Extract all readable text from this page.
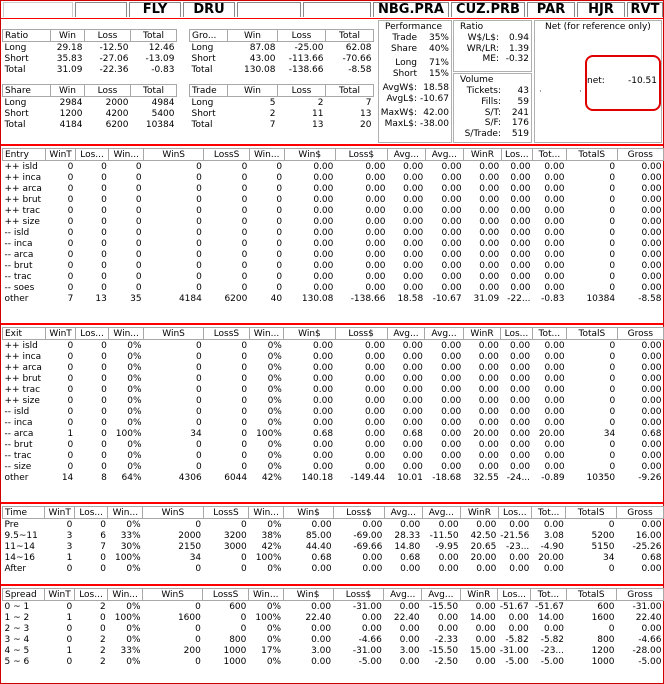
FLY	DRU	NBG.PRA CUZ.PRB	PAR	HJR	RVT
Ratio	Win	Loss	Total
Long	29.18	-12.50	12.46
Short	35.83	-27.06	-13.09
Total	31.09	-22.36	-0.83
Gro...	Win	Loss	Total
Long	87.08	-25.00	62.08
Short	43.00	-113.66	-70.66
Total	130.08	-138.66	-8.58
Share	Win	Loss	Total
Long	2984	2000	4984
Short	1200	4200	5400
Total	4184	6200	10384
Trade	Win	Loss	Total
Long	5	2	7
Short	2	11	13
Total	7	13	20
Performance
Trade 35%
Share 40%
Long 71%
Short 15%
AvgW$: 18.58
AvgL$: -10.67
MaxW$: 42.00
MaxL$: -38.00
Ratio
W$/L$: 0.94
WR/LR: 1.39
ME: -0.32
Volume
Tickets: 43
Fills: 59
S/T: 241
S/F: 176
S/Trade: 519
Net (for reference only)
·	·
net:	-10.51
Entry	WinT	Los...	Win...	WinS	LossS	Win...	Win$	Loss$	Avg...	Avg...	WinR	Los...	Tot...	TotalS	Gross
++ isld	0	0	0	0	0	0	0.00	0.00	0.00	0.00	0.00	0.00	0.00	0	0.00
++ inca	0	0	0	0	0	0	0.00	0.00	0.00	0.00	0.00	0.00	0.00	0	0.00
++ arca	0	0	0	0	0	0	0.00	0.00	0.00	0.00	0.00	0.00	0.00	0	0.00
++ brut	0	0	0	0	0	0	0.00	0.00	0.00	0.00	0.00	0.00	0.00	0	0.00
++ trac	0	0	0	0	0	0	0.00	0.00	0.00	0.00	0.00	0.00	0.00	0	0.00
++ size	0	0	0	0	0	0	0.00	0.00	0.00	0.00	0.00	0.00	0.00	0	0.00
-- isld	0	0	0	0	0	0	0.00	0.00	0.00	0.00	0.00	0.00	0.00	0	0.00
-- inca	0	0	0	0	0	0	0.00	0.00	0.00	0.00	0.00	0.00	0.00	0	0.00
-- arca	0	0	0	0	0	0	0.00	0.00	0.00	0.00	0.00	0.00	0.00	0	0.00
-- brut	0	0	0	0	0	0	0.00	0.00	0.00	0.00	0.00	0.00	0.00	0	0.00
-- trac	0	0	0	0	0	0	0.00	0.00	0.00	0.00	0.00	0.00	0.00	0	0.00
-- soes	0	0	0	0	0	0	0.00	0.00	0.00	0.00	0.00	0.00	0.00	0	0.00
other	7	13	35	4184	6200	40	130.08	-138.66	18.58	-10.67	31.09	-22...	-0.83	10384	-8.58
Exit	WinT	Los...	Win...	WinS	LossS	Win...	Win$	Loss$	Avg...	Avg...	WinR	Los...	Tot...	TotalS	Gross
++ isld	0	0	0%	0	0	0%	0.00	0.00	0.00	0.00	0.00	0.00	0.00	0	0.00
++ inca	0	0	0%	0	0	0%	0.00	0.00	0.00	0.00	0.00	0.00	0.00	0	0.00
++ arca	0	0	0%	0	0	0%	0.00	0.00	0.00	0.00	0.00	0.00	0.00	0	0.00
++ brut	0	0	0%	0	0	0%	0.00	0.00	0.00	0.00	0.00	0.00	0.00	0	0.00
++ trac	0	0	0%	0	0	0%	0.00	0.00	0.00	0.00	0.00	0.00	0.00	0	0.00
++ size	0	0	0%	0	0	0%	0.00	0.00	0.00	0.00	0.00	0.00	0.00	0	0.00
-- isld	0	0	0%	0	0	0%	0.00	0.00	0.00	0.00	0.00	0.00	0.00	0	0.00
-- inca	0	0	0%	0	0	0%	0.00	0.00	0.00	0.00	0.00	0.00	0.00	0	0.00
-- arca	1	0	100%	34	0	100%	0.68	0.00	0.68	0.00	20.00	0.00	20.00	34	0.68
-- brut	0	0	0%	0	0	0%	0.00	0.00	0.00	0.00	0.00	0.00	0.00	0	0.00
-- trac	0	0	0%	0	0	0%	0.00	0.00	0.00	0.00	0.00	0.00	0.00	0	0.00
-- size	0	0	0%	0	0	0%	0.00	0.00	0.00	0.00	0.00	0.00	0.00	0	0.00
other	14	8	64%	4306	6044	42%	140.18	-149.44	10.01	-18.68	32.55	-24...	-0.89	10350	-9.26
Time	WinT	Los...	Win...	WinS	LossS	Win...	Win$	Loss$	Avg...	Avg...	WinR	Los...	Tot...	TotalS	Gross
Pre	0	0	0%	0	0	0%	0.00	0.00	0.00	0.00	0.00	0.00	0.00	0	0.00
9.5~11	3	6	33%	2000	3200	38%	85.00	-69.00	28.33	-11.50	42.50	-21.56	3.08	5200	16.00
11~14	3	7	30%	2150	3000	42%	44.40	-69.66	14.80	-9.95	20.65	-23...	-4.90	5150	-25.26
14~16	1	0	100%	34	0	100%	0.68	0.00	0.68	0.00	20.00	0.00	20.00	34	0.68
After	0	0	0%	0	0	0%	0.00	0.00	0.00	0.00	0.00	0.00	0.00	0	0.00
Spread	WinT	Los...	Win...	WinS	LossS	Win...	Win$	Loss$	Avg...	Avg...	WinR	Los...	Tot...	TotalS	Gross
0 ~ 1	0	2	0%	0	600	0%	0.00	-31.00	0.00	-15.50	0.00	-51.67	-51.67	600	-31.00
1 ~ 2	1	0	100%	1600	0	100%	22.40	0.00	22.40	0.00	14.00	0.00	14.00	1600	22.40
2 ~ 3	0	0	0%	0	0	0%	0.00	0.00	0.00	0.00	0.00	0.00	0.00	0	0.00
3 ~ 4	0	2	0%	0	800	0%	0.00	-4.66	0.00	-2.33	0.00	-5.82	-5.82	800	-4.66
4 ~ 5	1	2	33%	200	1000	17%	3.00	-31.00	3.00	-15.50	15.00	-31.00	-23...	1200	-28.00
5 ~ 6	0	2	0%	0	1000	0%	0.00	-5.00	0.00	-2.50	0.00	-5.00	-5.00	1000	-5.00
